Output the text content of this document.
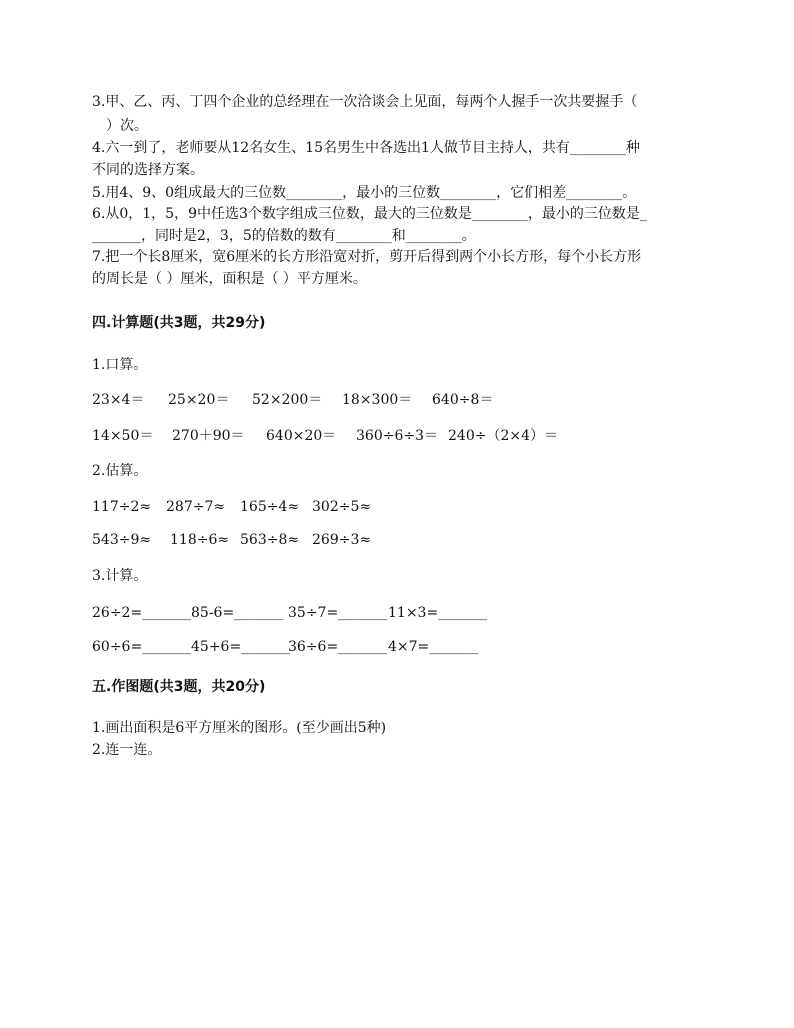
3.甲、乙、丙、丁四个企业的总经理在一次洽谈会上见面，每两个人握手一次共要握手（
）次。
4.六一到了，老师要从12名女生、15名男生中各选出1人做节目主持人，共有________种
不同的选择方案。
5.用4、9、0组成最大的三位数________，最小的三位数________，它们相差________。
6.从0，1，5，9中任选3个数字组成三位数，最大的三位数是________，最小的三位数是_
_______，同时是2，3，5的倍数的数有________和________。
7.把一个长8厘米，宽6厘米的长方形沿宽对折，剪开后得到两个小长方形，每个小长方形
的周长是（ ）厘米，面积是（ ）平方厘米。
四.计算题(共3题，共29分)
1.口算。
23×4＝ 25×20＝ 52×200＝ 18×300＝ 640÷8＝
14×50＝ 270＋90＝ 640×20＝ 360÷6÷3＝ 240÷（2×4）＝
2.估算。
117÷2≈ 287÷7≈ 165÷4≈ 302÷5≈
543÷9≈ 118÷6≈ 563÷8≈ 269÷3≈
3.计算。
26÷2=_______ 85-6=_______ 35÷7=_______ 11×3=_______
60÷6=_______ 45+6=_______
36÷6=_______ 4×7=_______
五.作图题(共3题，共20分)
1.画出面积是6平方厘米的图形。(至少画出5种)
2.连一连。
